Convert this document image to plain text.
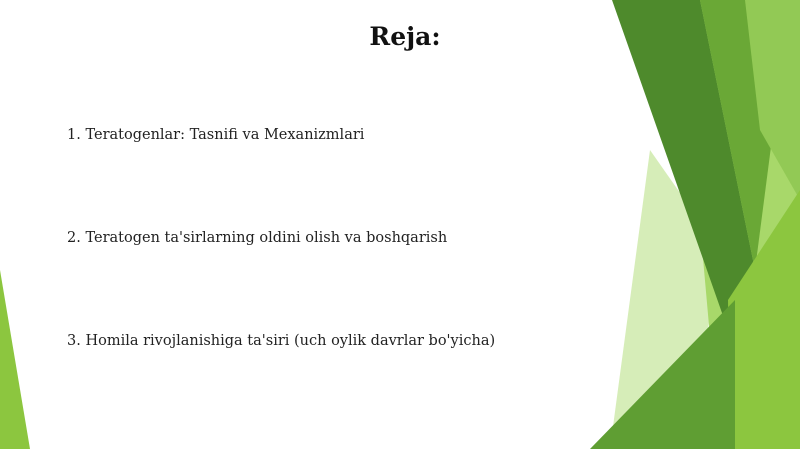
Reja:
1. Teratogenlar: Tasnifi va Mexanizmlari
2. Teratogen ta'sirlarning oldini olish va boshqarish
3. Homila rivojlanishiga ta'siri (uch oylik davrlar bo'yicha)
